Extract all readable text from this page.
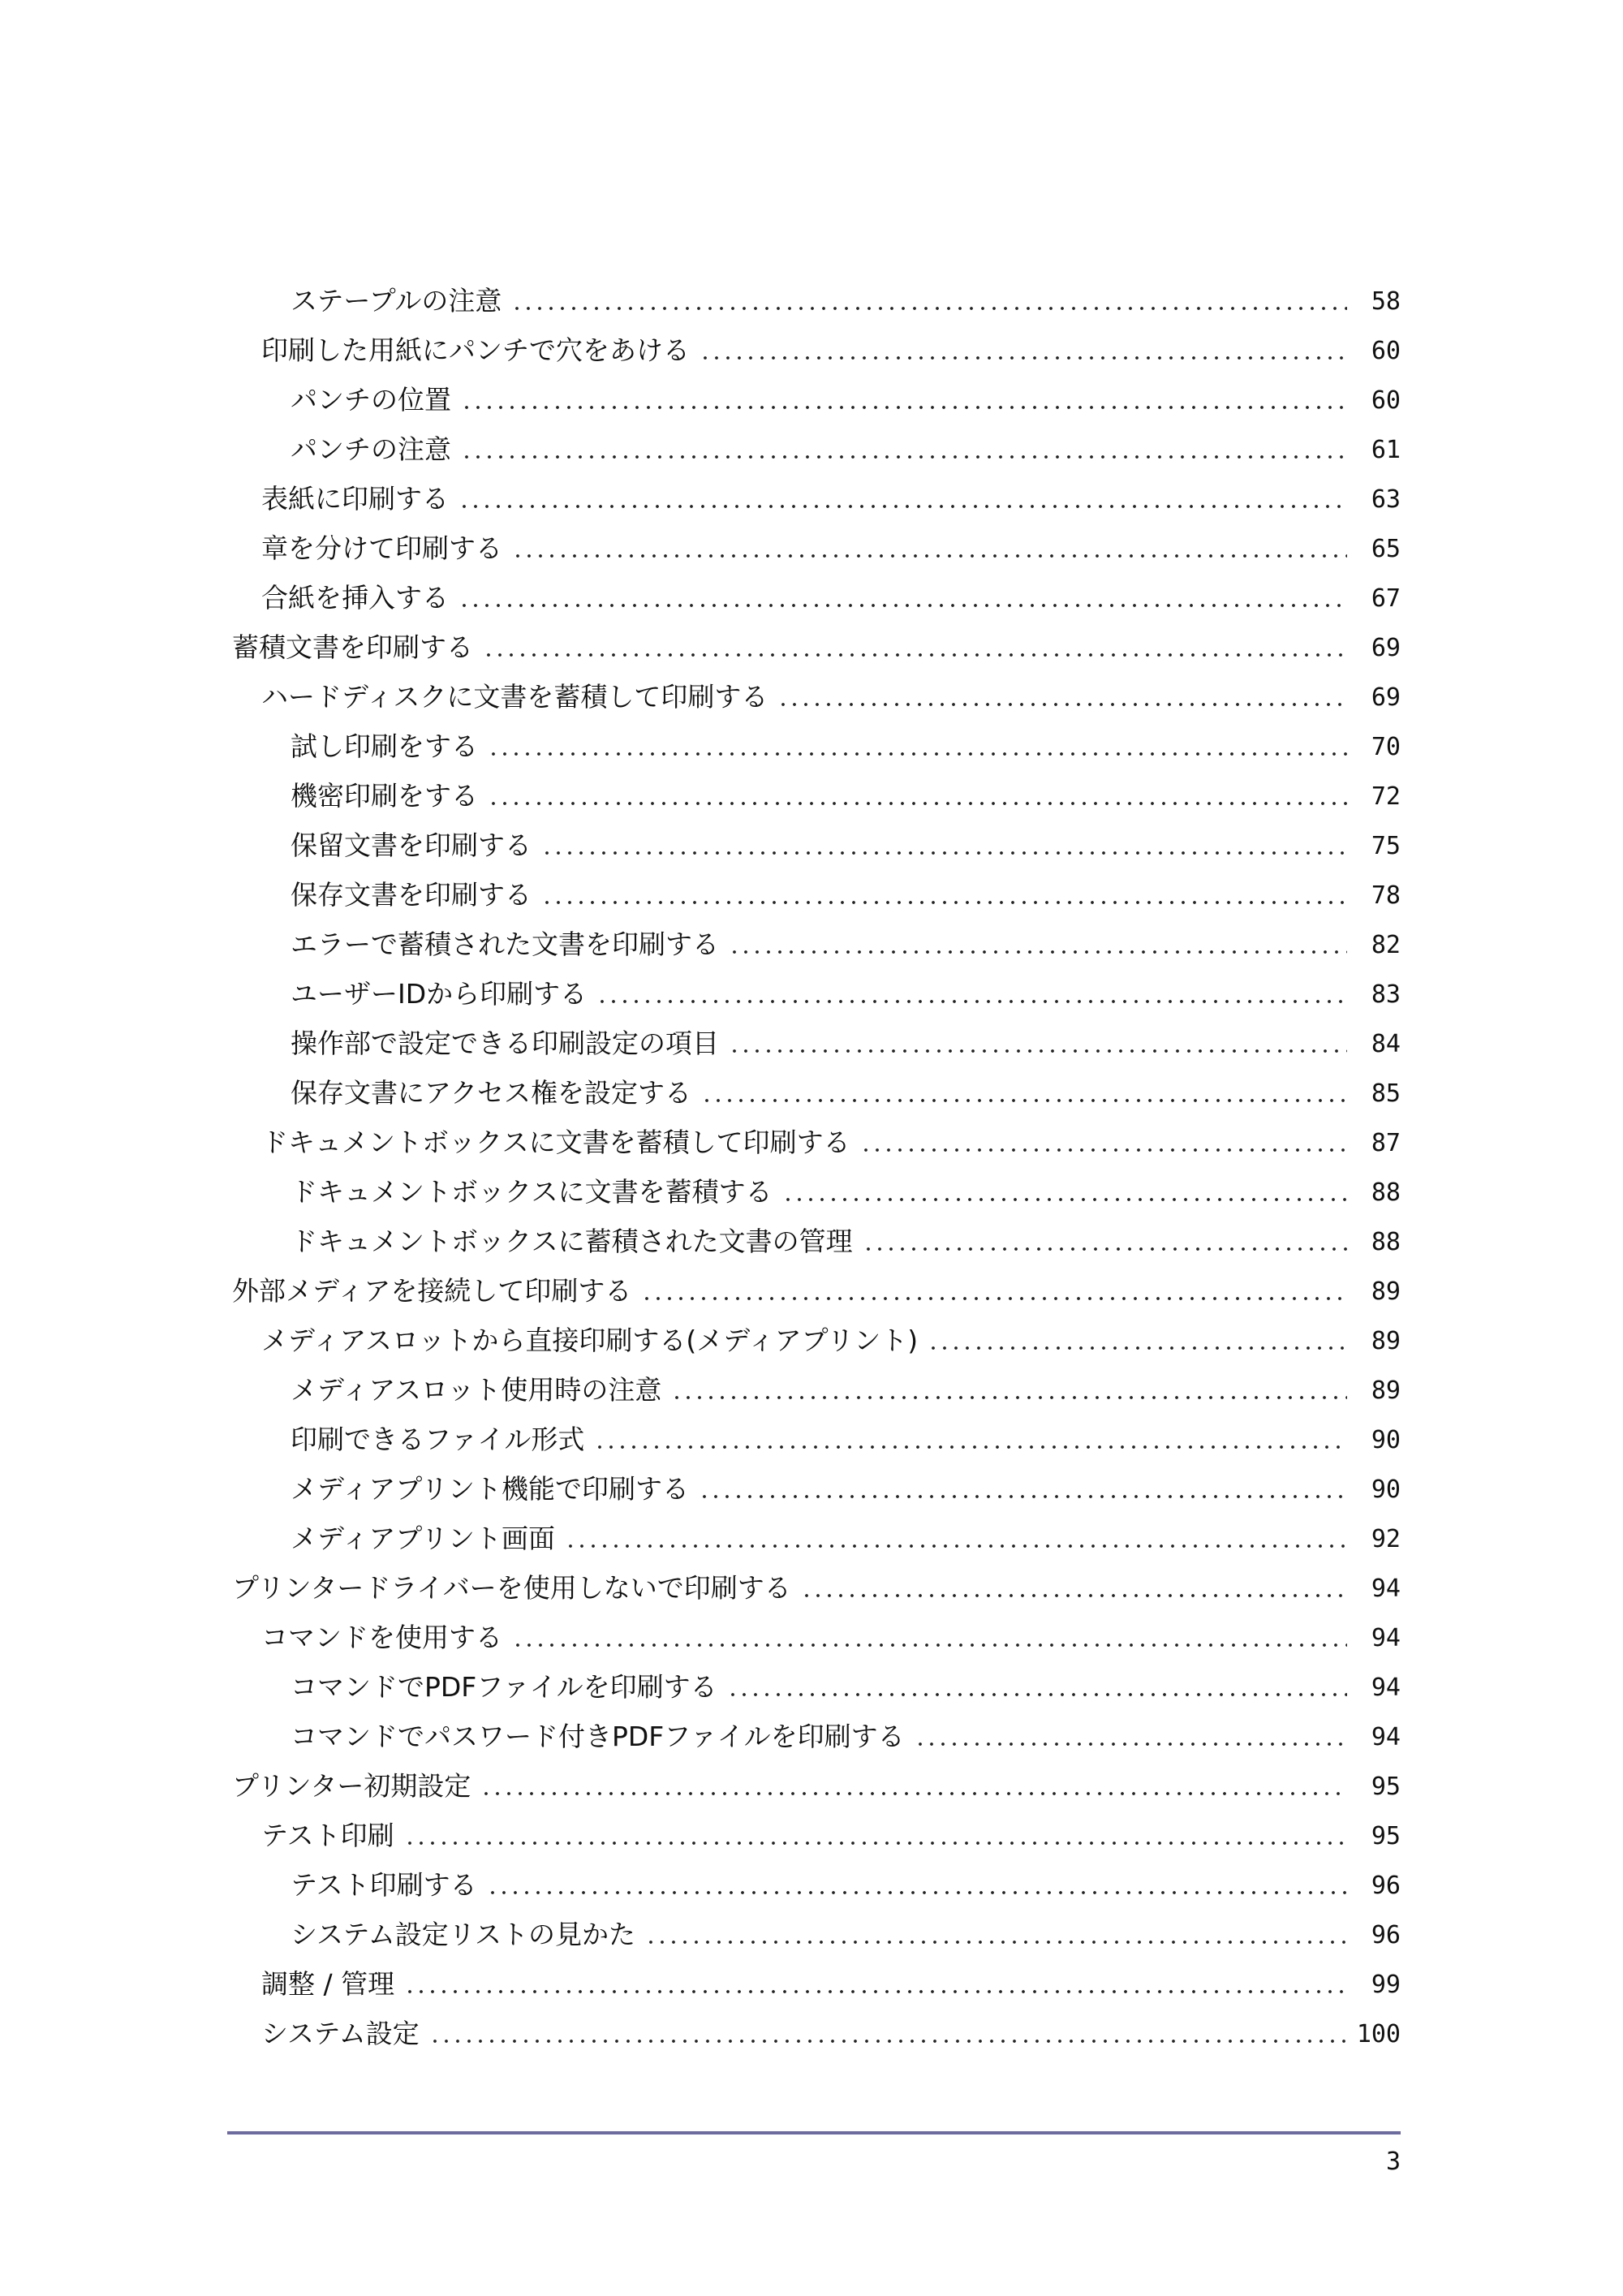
ステープルの注意	58
印刷した用紙にパンチで穴をあける	60
パンチの位置	60
パンチの注意	61
表紙に印刷する	63
章を分けて印刷する	65
合紙を挿入する	67
蓄積文書を印刷する	69
ハードディスクに文書を蓄積して印刷する	69
試し印刷をする	70
機密印刷をする	72
保留文書を印刷する	75
保存文書を印刷する	78
エラーで蓄積された文書を印刷する	82
ユーザーIDから印刷する	83
操作部で設定できる印刷設定の項目	84
保存文書にアクセス権を設定する	85
ドキュメントボックスに文書を蓄積して印刷する	87
ドキュメントボックスに文書を蓄積する	88
ドキュメントボックスに蓄積された文書の管理	88
外部メディアを接続して印刷する	89
メディアスロットから直接印刷する(メディアプリント)	89
メディアスロット使用時の注意	89
印刷できるファイル形式	90
メディアプリント機能で印刷する	90
メディアプリント画面	92
プリンタードライバーを使用しないで印刷する	94
コマンドを使用する	94
コマンドでPDFファイルを印刷する	94
コマンドでパスワード付きPDFファイルを印刷する	94
プリンター初期設定	95
テスト印刷	95
テスト印刷する	96
システム設定リストの見かた	96
調整 / 管理	99
システム設定	100
3
